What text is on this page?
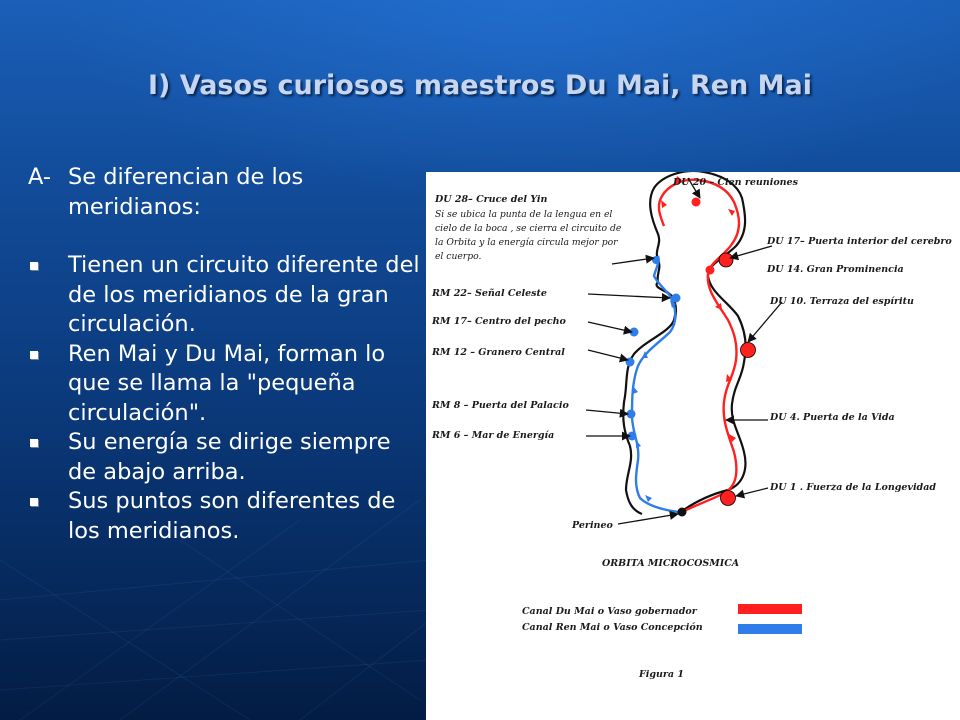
I) Vasos curiosos maestros Du Mai, Ren Mai
A- Se diferencian de los meridianos:
Tienen un circuito diferente del de los meridianos de la gran circulación.
Ren Mai y Du Mai, forman lo que se llama la "pequeña circulación".
Su energía se dirige siempre de abajo arriba.
Sus puntos son diferentes de los meridianos.
DU 20 – Cien reuniones
DU 28– Cruce del Yin
Si se ubica la punta de la lengua en el
cielo de la boca , se cierra el circuito de
la Orbita y la energía circula mejor por
el cuerpo.
DU 17– Puerta interior del cerebro
DU 14. Gran Prominencia
DU 10. Terraza del espíritu
DU 4. Puerta de la Vida
DU 1 . Fuerza de la Longevidad
RM 22– Señal Celeste
RM 17– Centro del pecho
RM 12 – Granero Central
RM 8 – Puerta del Palacio
RM 6 – Mar de Energía
Perineo
ORBITA MICROCOSMICA
Canal Du Mai o Vaso gobernador
Canal Ren Mai o Vaso Concepción
Figura 1
